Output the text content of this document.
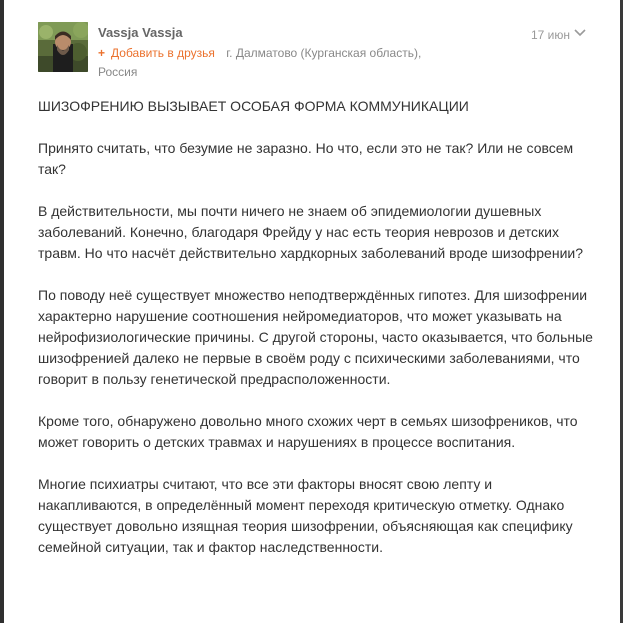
Vassja Vassja
+ Добавить в друзья г. Далматово (Курганская область), Россия
17 июн

ШИЗОФРЕНИЮ ВЫЗЫВАЕТ ОСОБАЯ ФОРМА КОММУНИКАЦИИ

Принято считать, что безумие не заразно. Но что, если это не так? Или не совсем так?

В действительности, мы почти ничего не знаем об эпидемиологии душевных заболеваний. Конечно, благодаря Фрейду у нас есть теория неврозов и детских травм. Но что насчёт действительно хардкорных заболеваний вроде шизофрении?

По поводу неё существует множество неподтверждённых гипотез. Для шизофрении характерно нарушение соотношения нейромедиаторов, что может указывать на нейрофизиологические причины. С другой стороны, часто оказывается, что больные шизофренией далеко не первые в своём роду с психическими заболеваниями, что говорит в пользу генетической предрасположенности.

Кроме того, обнаружено довольно много схожих черт в семьях шизофреников, что может говорить о детских травмах и нарушениях в процессе воспитания.

Многие психиатры считают, что все эти факторы вносят свою лепту и накапливаются, в определённый момент переходя критическую отметку. Однако существует довольно изящная теория шизофрении, объясняющая как специфику семейной ситуации, так и фактор наследственности.
